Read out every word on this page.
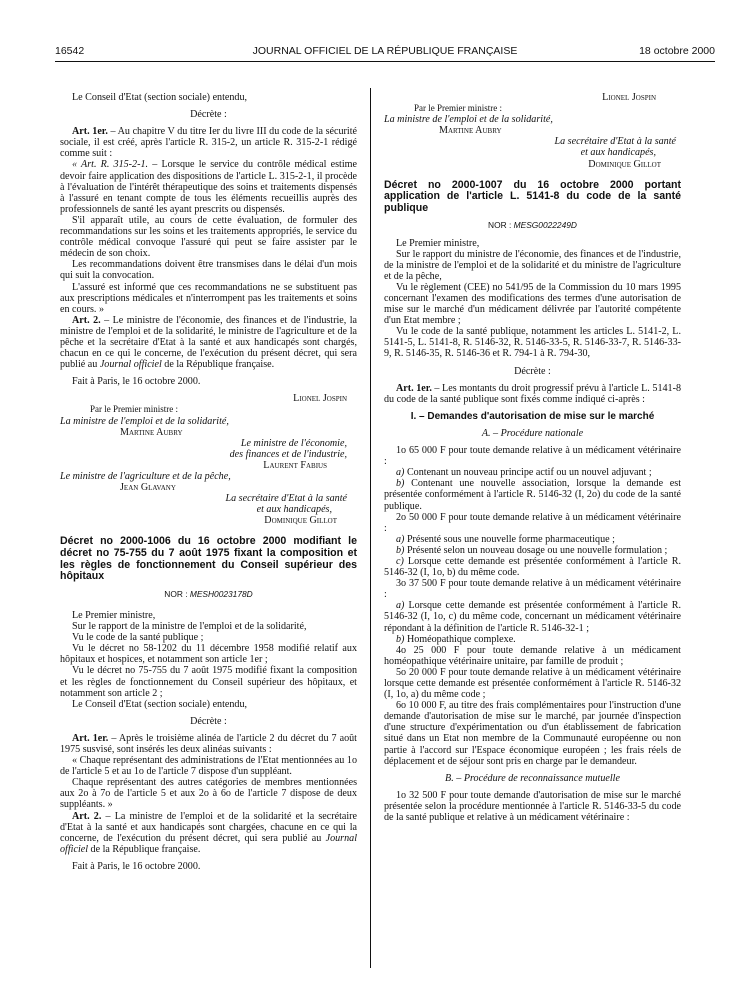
16542	JOURNAL OFFICIEL DE LA RÉPUBLIQUE FRANÇAISE	18 octobre 2000

Le Conseil d'Etat (section sociale) entendu,

Décrète :

Art. 1er. – Au chapitre V du titre Ier du livre III du code de la sécurité sociale, il est créé, après l'article R. 315-2, un article R. 315-2-1 rédigé comme suit :

« Art. R. 315-2-1. – Lorsque le service du contrôle médical estime devoir faire application des dispositions de l'article L. 315-2-1, il procède à l'évaluation de l'intérêt thérapeutique des soins et traitements dispensés à l'assuré en tenant compte de tous les éléments recueillis auprès des professionnels de santé les ayant prescrits ou dispensés.

S'il apparaît utile, au cours de cette évaluation, de formuler des recommandations sur les soins et les traitements appropriés, le service du contrôle médical convoque l'assuré qui peut se faire assister par le médecin de son choix.

Les recommandations doivent être transmises dans le délai d'un mois qui suit la convocation.

L'assuré est informé que ces recommandations ne se substituent pas aux prescriptions médicales et n'interrompent pas les traitements et soins en cours. »

Art. 2. – Le ministre de l'économie, des finances et de l'industrie, la ministre de l'emploi et de la solidarité, le ministre de l'agriculture et de la pêche et la secrétaire d'Etat à la santé et aux handicapés sont chargés, chacun en ce qui le concerne, de l'exécution du présent décret, qui sera publié au Journal officiel de la République française.

Fait à Paris, le 16 octobre 2000.

Lionel Jospin

Par le Premier ministre :

La ministre de l'emploi et de la solidarité,

Martine Aubry

Le ministre de l'économie,

des finances et de l'industrie,

Laurent Fabius

Le ministre de l'agriculture et de la pêche,

Jean Glavany

La secrétaire d'Etat à la santé

et aux handicapés,

Dominique Gillot

Décret no 2000-1006 du 16 octobre 2000 modifiant le décret no 75-755 du 7 août 1975 fixant la composition et les règles de fonctionnement du Conseil supérieur des hôpitaux

NOR : MESH0023178D

Le Premier ministre,

Sur le rapport de la ministre de l'emploi et de la solidarité,

Vu le code de la santé publique ;

Vu le décret no 58-1202 du 11 décembre 1958 modifié relatif aux hôpitaux et hospices, et notamment son article 1er ;

Vu le décret no 75-755 du 7 août 1975 modifié fixant la composition et les règles de fonctionnement du Conseil supérieur des hôpitaux, et notamment son article 2 ;

Le Conseil d'Etat (section sociale) entendu,

Décrète :

Art. 1er. – Après le troisième alinéa de l'article 2 du décret du 7 août 1975 susvisé, sont insérés les deux alinéas suivants :

« Chaque représentant des administrations de l'Etat mentionnées au 1o de l'article 5 et au 1o de l'article 7 dispose d'un suppléant.

Chaque représentant des autres catégories de membres mentionnées aux 2o à 7o de l'article 5 et aux 2o à 6o de l'article 7 dispose de deux suppléants. »

Art. 2. – La ministre de l'emploi et de la solidarité et la secrétaire d'Etat à la santé et aux handicapés sont chargées, chacune en ce qui la concerne, de l'exécution du présent décret, qui sera publié au Journal officiel de la République française.

Fait à Paris, le 16 octobre 2000.

Lionel Jospin

Par le Premier ministre :

La ministre de l'emploi et de la solidarité,

Martine Aubry

La secrétaire d'Etat à la santé

et aux handicapés,

Dominique Gillot

Décret no 2000-1007 du 16 octobre 2000 portant application de l'article L. 5141-8 du code de la santé publique

NOR : MESG0022249D

Le Premier ministre,

Sur le rapport du ministre de l'économie, des finances et de l'industrie, de la ministre de l'emploi et de la solidarité et du ministre de l'agriculture et de la pêche,

Vu le règlement (CEE) no 541/95 de la Commission du 10 mars 1995 concernant l'examen des modifications des termes d'une autorisation de mise sur le marché d'un médicament délivrée par l'autorité compétente d'un Etat membre ;

Vu le code de la santé publique, notamment les articles L. 5141-2, L. 5141-5, L. 5141-8, R. 5146-32, R. 5146-33-5, R. 5146-33-7, R. 5146-33-9, R. 5146-35, R. 5146-36 et R. 794-1 à R. 794-30,

Décrète :

Art. 1er. – Les montants du droit progressif prévu à l'article L. 5141-8 du code de la santé publique sont fixés comme indiqué ci-après :

I. – Demandes d'autorisation de mise sur le marché

A. – Procédure nationale

1o 65 000 F pour toute demande relative à un médicament vétérinaire :

a) Contenant un nouveau principe actif ou un nouvel adjuvant ;

b) Contenant une nouvelle association, lorsque la demande est présentée conformément à l'article R. 5146-32 (I, 2o) du code de la santé publique.

2o 50 000 F pour toute demande relative à un médicament vétérinaire :

a) Présenté sous une nouvelle forme pharmaceutique ;

b) Présenté selon un nouveau dosage ou une nouvelle formulation ;

c) Lorsque cette demande est présentée conformément à l'article R. 5146-32 (I, 1o, b) du même code.

3o 37 500 F pour toute demande relative à un médicament vétérinaire :

a) Lorsque cette demande est présentée conformément à l'article R. 5146-32 (I, 1o, c) du même code, concernant un médicament vétérinaire répondant à la définition de l'article R. 5146-32-1 ;

b) Homéopathique complexe.

4o 25 000 F pour toute demande relative à un médicament homéopathique vétérinaire unitaire, par famille de produit ;

5o 20 000 F pour toute demande relative à un médicament vétérinaire lorsque cette demande est présentée conformément à l'article R. 5146-32 (I, 1o, a) du même code ;

6o 10 000 F, au titre des frais complémentaires pour l'instruction d'une demande d'autorisation de mise sur le marché, par journée d'inspection d'une structure d'expérimentation ou d'un établissement de fabrication situé dans un Etat non membre de la Communauté européenne ou non partie à l'accord sur l'Espace économique européen ; les frais réels de déplacement et de séjour sont pris en charge par le demandeur.

B. – Procédure de reconnaissance mutuelle

1o 32 500 F pour toute demande d'autorisation de mise sur le marché présentée selon la procédure mentionnée à l'article R. 5146-33-5 du code de la santé publique et relative à un médicament vétérinaire :
